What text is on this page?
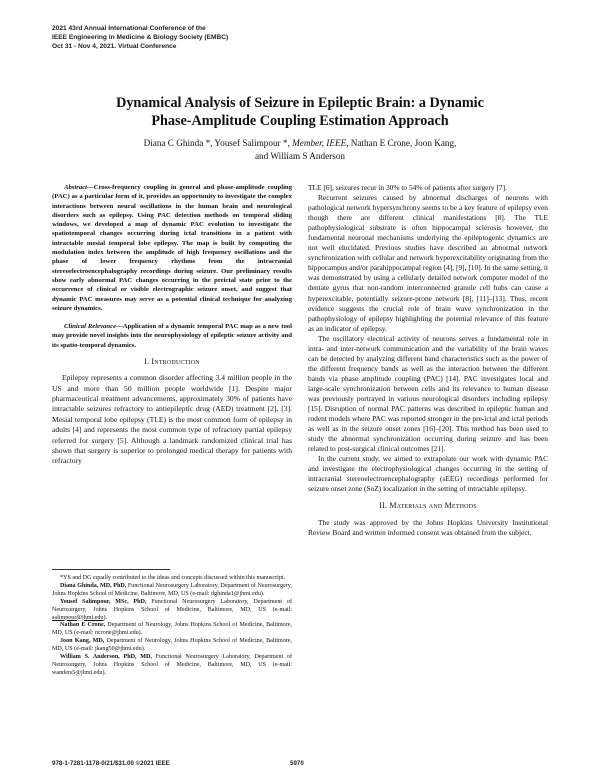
2021 43rd Annual International Conference of the
IEEE Engineering in Medicine & Biology Society (EMBC)
Oct 31 - Nov 4, 2021. Virtual Conference
Dynamical Analysis of Seizure in Epileptic Brain: a Dynamic
Phase-Amplitude Coupling Estimation Approach
Diana C Ghinda *, Yousef Salimpour *, Member, IEEE, Nathan E Crone, Joon Kang,
and William S Anderson

Abstract—Cross-frequency coupling in general and phase-amplitude coupling (PAC) as a particular form of it, provides an opportunity to investigate the complex interactions between neural oscillations in the human brain and neurological disorders such as epilepsy. Using PAC detection methods on temporal sliding windows, we developed a map of dynamic PAC evolution to investigate the spatiotemporal changes occurring during ictal transitions in a patient with intractable mesial temporal lobe epilepsy. The map is built by computing the modulation index between the amplitude of high frequency oscillations and the phase of lower frequency rhythms from the intracranial stereoelectroencephalography recordings during seizure. Our preliminary results show early abnormal PAC changes occurring in the preictal state prior to the occurrence of clinical or visible electrographic seizure onset, and suggest that dynamic PAC measures may serve as a potential clinical technique for analyzing seizure dynamics.

Clinical Relevance—Application of a dynamic temporal PAC map as a new tool may provide novel insights into the neurophysiology of epileptic seizure activity and its spatio-temporal dynamics.

I. Introduction

Epilepsy represents a common disorder affecting 3.4 million people in the US and more than 50 million people worldwide [1]. Despite major pharmaceutical treatment advancements, approximately 30% of patients have intractable seizures refractory to antiepileptic drug (AED) treatment [2], [3]. Mesial temporal lobe epilepsy (TLE) is the most common form of epilepsy in adults [4] and represents the most common type of refractory partial epilepsy referred for surgery [5]. Although a landmark randomized clinical trial has shown that surgery is superior to prolonged medical therapy for patients with refractory

*YS and DG equally contributed to the ideas and concepts discussed within this manuscript.

Diana Ghinda, MD, PhD, Functional Neurosurgery Laboratory, Department of Neurosurgery, Johns Hopkins School of Medicine, Baltimore, MD, US (e-mail: dghinda1@jhmi.edu).

Yousef Salimpour, MSc, PhD, Functional Neurosurgery Laboratory, Department of Neurosurgery, Johns Hopkins School of Medicine, Baltimore, MD, US (e-mail: salimpour@jhmi.edu).

Nathan E Crone, Department of Neurology, Johns Hopkins School of Medicine, Baltimore, MD, US (e-mail: ncrone@jhmi.edu).

Joon Kang, MD, Department of Neurology, Johns Hopkins School of Medicine, Baltimore, MD, US (e-mail: jkang50@jhmi.edu).

William S. Anderson, PhD, MD, Functional Neurosurgery Laboratory, Department of Neurosurgery, Johns Hopkins School of Medicine, Baltimore, MD, US (e-mail: wanders5@jhmi.edu).

TLE [6], seizures recur in 30% to 54% of patients after surgery [7].

Recurrent seizures caused by abnormal discharges of neurons with pathological network hypersynchrony seems to be a key feature of epilepsy even though there are different clinical manifestations [8]. The TLE pathophysiological substrate is often hippocampal sclerosis however, the fundamental neuronal mechanisms underlying the epileptogenic dynamics are not well elucidated. Previous studies have described an abnormal network synchronization with cellular and network hyperexcitability originating from the hippocampus and/or parahippocampal region [4], [9], [10]. In the same setting, it was demonstrated by using a cellularly detailed network computer model of the dentate gyrus that non-random interconnected granule cell hubs can cause a hyperexcitable, potentially seizure-prone network [8], [11]–[13]. Thus, recent evidence suggests the crucial role of brain wave synchronization in the pathophysiology of epilepsy highlighting the potential relevance of this feature as an indicator of epilepsy.

The oscillatory electrical activity of neurons serves a fundamental role in intra- and inter-network communication and the variability of the brain waves can be detected by analyzing different band characteristics such as the power of the different frequency bands as well as the interaction between the different bands via phase amplitude coupling (PAC) [14]. PAC investigates local and large-scale synchronization between cells and its relevance to human disease was previously portrayed in various neurological disorders including epilepsy [15]. Disruption of normal PAC patterns was described in epileptic human and rodent models where PAC was reported stronger in the pre-ictal and ictal periods as well as in the seizure onset zones [16]–[20]. This method has been used to study the abnormal synchronization occurring during seizure and has been related to post-surgical clinical outcomes [21].

In the current study, we aimed to extrapolate our work with dynamic PAC and investigate the electrophysiological changes occurring in the setting of intracranial stereoelectroencephalography (sEEG) recordings performed for seizure onset zone (SoZ) localization in the setting of intractable epilepsy.

II. Materials and Methods

The study was approved by the Johns Hopkins University Institutional Review Board and written informed consent was obtained from the subject.

978-1-7281-1178-0/21/$31.00 ©2021 IEEE	5970
